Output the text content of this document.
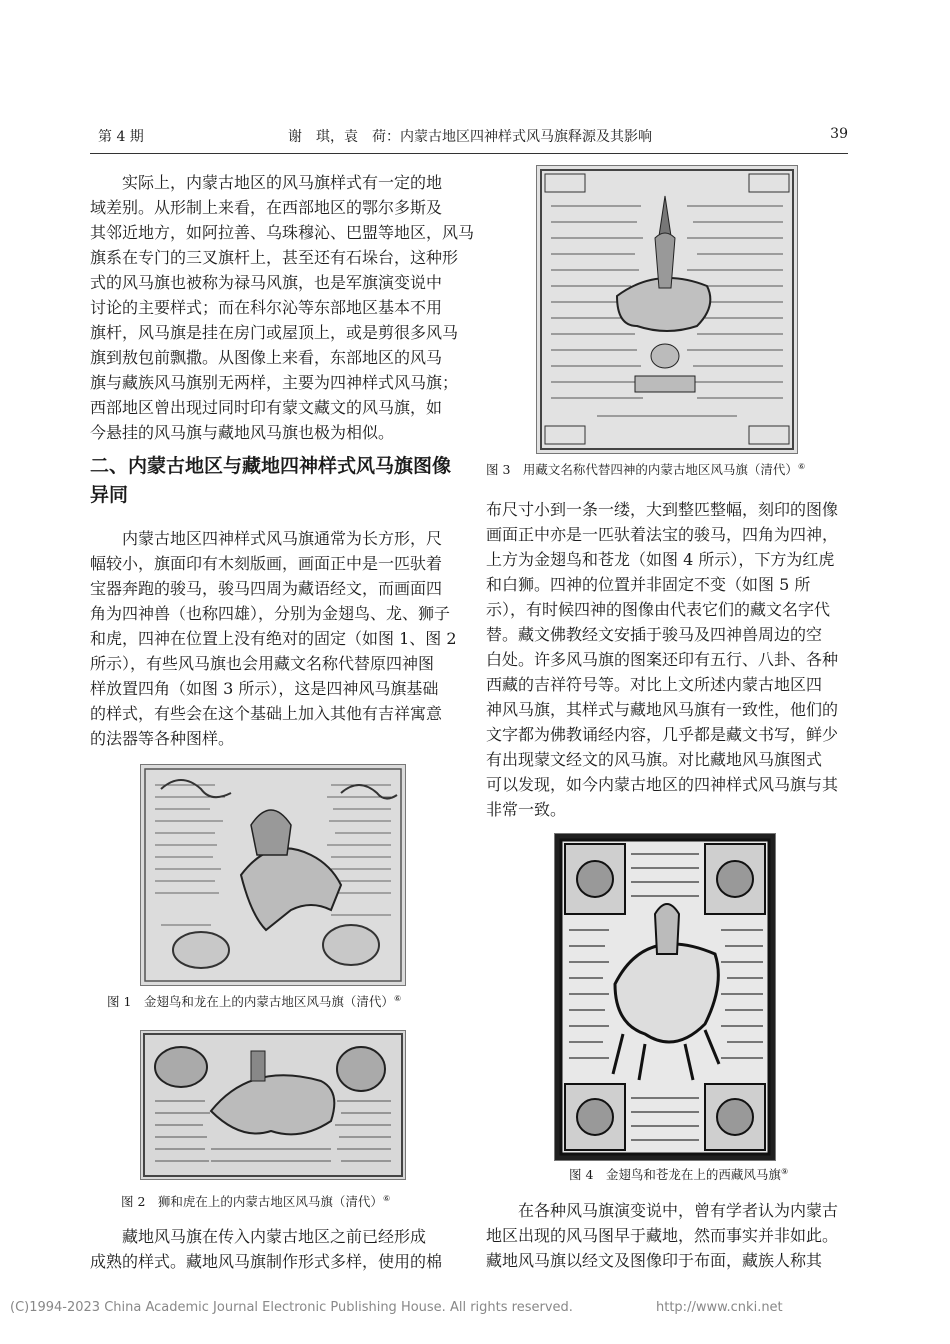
第 4 期	谢　琪，袁　荷：内蒙古地区四神样式风马旗释源及其影响	39

实际上，内蒙古地区的风马旗样式有一定的地
域差别。从形制上来看，在西部地区的鄂尔多斯及
其邻近地方，如阿拉善、乌珠穆沁、巴盟等地区，风马
旗系在专门的三叉旗杆上，甚至还有石垛台，这种形
式的风马旗也被称为禄马风旗，也是军旗演变说中
讨论的主要样式；而在科尔沁等东部地区基本不用
旗杆，风马旗是挂在房门或屋顶上，或是剪很多风马
旗到敖包前飘撒。从图像上来看，东部地区的风马
旗与藏族风马旗别无两样，主要为四神样式风马旗；
西部地区曾出现过同时印有蒙文藏文的风马旗，如
今悬挂的风马旗与藏地风马旗也极为相似。

二、内蒙古地区与藏地四神样式风马旗图像
异同

内蒙古地区四神样式风马旗通常为长方形，尺
幅较小，旗面印有木刻版画，画面正中是一匹驮着
宝器奔跑的骏马，骏马四周为藏语经文，而画面四
角为四神兽（也称四雄），分别为金翅鸟、龙、狮子
和虎，四神在位置上没有绝对的固定（如图 1、图 2
所示），有些风马旗也会用藏文名称代替原四神图
样放置四角（如图 3 所示），这是四神风马旗基础
的样式，有些会在这个基础上加入其他有吉祥寓意
的法器等各种图样。

图 1　金翅鸟和龙在上的内蒙古地区风马旗（清代）⑥
图 2　狮和虎在上的内蒙古地区风马旗（清代）⑥

藏地风马旗在传入内蒙古地区之前已经形成
成熟的样式。藏地风马旗制作形式多样，使用的棉

图 3　用藏文名称代替四神的内蒙古地区风马旗（清代）⑥

布尺寸小到一条一缕，大到整匹整幅，刻印的图像
画面正中亦是一匹驮着法宝的骏马，四角为四神，
上方为金翅鸟和苍龙（如图 4 所示），下方为红虎
和白狮。四神的位置并非固定不变（如图 5 所
示），有时候四神的图像由代表它们的藏文名字代
替。藏文佛教经文安插于骏马及四神兽周边的空
白处。许多风马旗的图案还印有五行、八卦、各种
西藏的吉祥符号等。对比上文所述内蒙古地区四
神风马旗，其样式与藏地风马旗有一致性，他们的
文字都为佛教诵经内容，几乎都是藏文书写，鲜少
有出现蒙文经文的风马旗。对比藏地风马旗图式
可以发现，如今内蒙古地区的四神样式风马旗与其
非常一致。

图 4　金翅鸟和苍龙在上的西藏风马旗⑨

在各种风马旗演变说中，曾有学者认为内蒙古
地区出现的风马图早于藏地，然而事实并非如此。
藏地风马旗以经文及图像印于布面，藏族人称其

(C)1994-2023 China Academic Journal Electronic Publishing House. All rights reserved.	http://www.cnki.net
